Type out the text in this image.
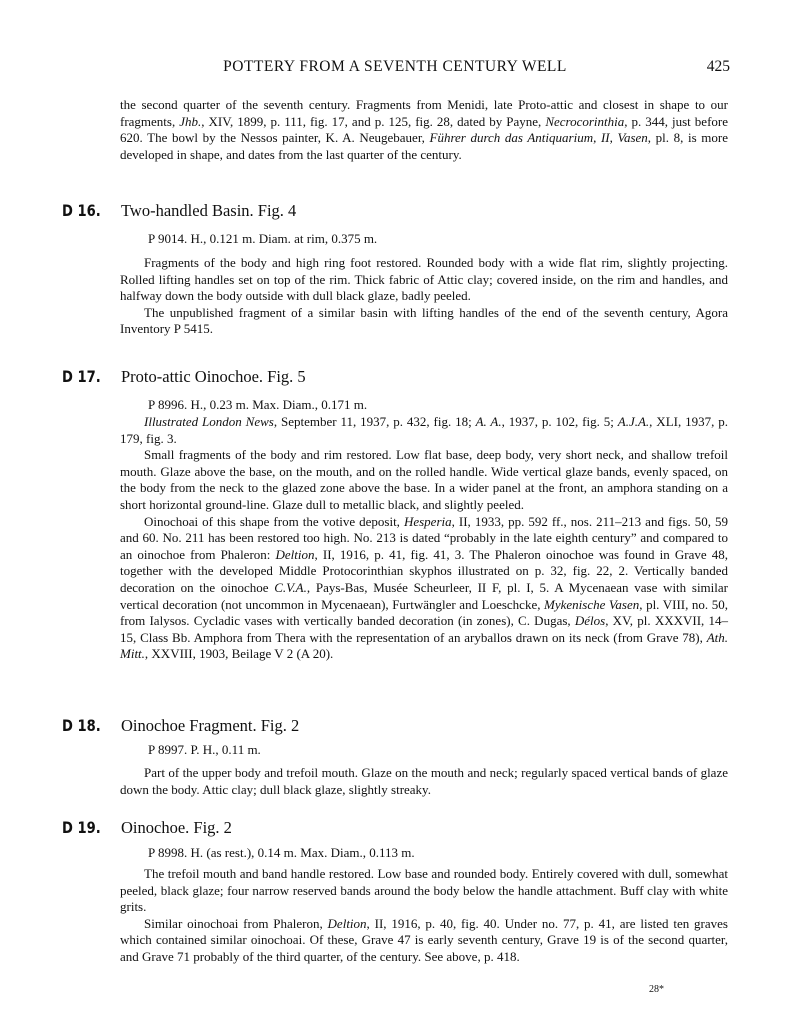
POTTERY FROM A SEVENTH CENTURY WELL	425

the second quarter of the seventh century. Fragments from Menidi, late Proto-attic and closest in shape to our fragments, Jhb., XIV, 1899, p. 111, fig. 17, and p. 125, fig. 28, dated by Payne, Necrocorinthia, p. 344, just before 620. The bowl by the Nessos painter, K. A. Neugebauer, Führer durch das Antiquarium, II, Vasen, pl. 8, is more developed in shape, and dates from the last quarter of the century.

D 16. Two-handled Basin. Fig. 4
P 9014. H., 0.121 m. Diam. at rim, 0.375 m.

Fragments of the body and high ring foot restored. Rounded body with a wide flat rim, slightly projecting. Rolled lifting handles set on top of the rim. Thick fabric of Attic clay; covered inside, on the rim and handles, and halfway down the body outside with dull black glaze, badly peeled.

The unpublished fragment of a similar basin with lifting handles of the end of the seventh century, Agora Inventory P 5415.

D 17. Proto-attic Oinochoe. Fig. 5
P 8996. H., 0.23 m. Max. Diam., 0.171 m.

Illustrated London News, September 11, 1937, p. 432, fig. 18; A. A., 1937, p. 102, fig. 5; A.J.A., XLI, 1937, p. 179, fig. 3.

Small fragments of the body and rim restored. Low flat base, deep body, very short neck, and shallow trefoil mouth. Glaze above the base, on the mouth, and on the rolled handle. Wide vertical glaze bands, evenly spaced, on the body from the neck to the glazed zone above the base. In a wider panel at the front, an amphora standing on a short horizontal ground-line. Glaze dull to metallic black, and slightly peeled.

Oinochoai of this shape from the votive deposit, Hesperia, II, 1933, pp. 592 ff., nos. 211–213 and figs. 50, 59 and 60. No. 211 has been restored too high. No. 213 is dated “probably in the late eighth century” and compared to an oinochoe from Phaleron: Deltion, II, 1916, p. 41, fig. 41, 3. The Phaleron oinochoe was found in Grave 48, together with the developed Middle Protocorinthian skyphos illustrated on p. 32, fig. 22, 2. Vertically banded decoration on the oinochoe C.V.A., Pays-Bas, Musée Scheurleer, II F, pl. I, 5. A Mycenaean vase with similar vertical decoration (not uncommon in Mycenaean), Furtwängler and Loeschcke, Mykenische Vasen, pl. VIII, no. 50, from Ialysos. Cycladic vases with vertically banded decoration (in zones), C. Dugas, Délos, XV, pl. XXXVII, 14–15, Class Bb. Amphora from Thera with the representation of an aryballos drawn on its neck (from Grave 78), Ath. Mitt., XXVIII, 1903, Beilage V 2 (A 20).

D 18. Oinochoe Fragment. Fig. 2
P 8997. P. H., 0.11 m.

Part of the upper body and trefoil mouth. Glaze on the mouth and neck; regularly spaced vertical bands of glaze down the body. Attic clay; dull black glaze, slightly streaky.

D 19. Oinochoe. Fig. 2
P 8998. H. (as rest.), 0.14 m. Max. Diam., 0.113 m.

The trefoil mouth and band handle restored. Low base and rounded body. Entirely covered with dull, somewhat peeled, black glaze; four narrow reserved bands around the body below the handle attachment. Buff clay with white grits.

Similar oinochoai from Phaleron, Deltion, II, 1916, p. 40, fig. 40. Under no. 77, p. 41, are listed ten graves which contained similar oinochoai. Of these, Grave 47 is early seventh century, Grave 19 is of the second quarter, and Grave 71 probably of the third quarter, of the century. See above, p. 418.

28*
